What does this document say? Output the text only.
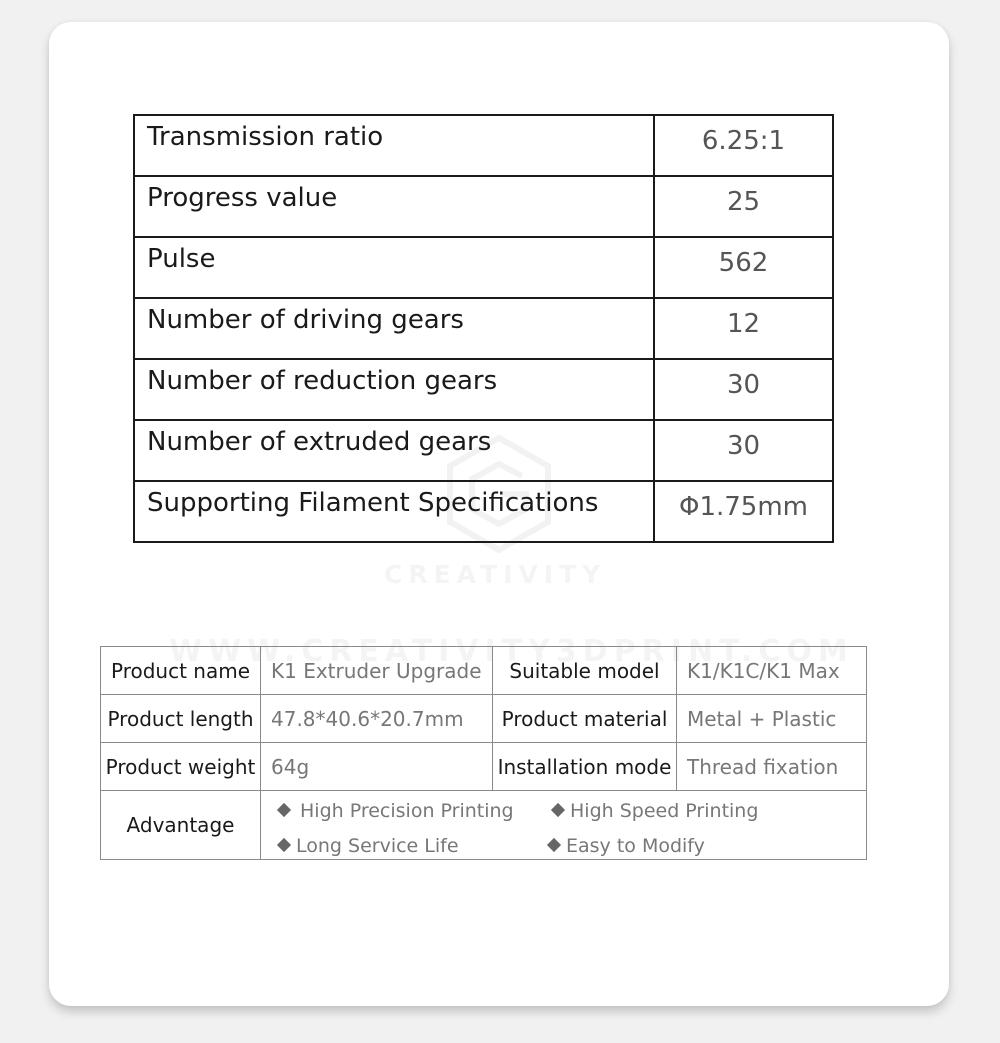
Transmission ratio	6.25:1
Progress value	25
Pulse	562
Number of driving gears	12
Number of reduction gears	30
Number of extruded gears	30
Supporting Filament Specifications	Φ1.75mm
Product name	K1 Extruder Upgrade	Suitable model	K1/K1C/K1 Max
Product length	47.8*40.6*20.7mm	Product material	Metal + Plastic
Product weight	64g	Installation mode	Thread fixation
Advantage	High Precision Printing High Speed Printing
Long Service Life Easy to Modify		
